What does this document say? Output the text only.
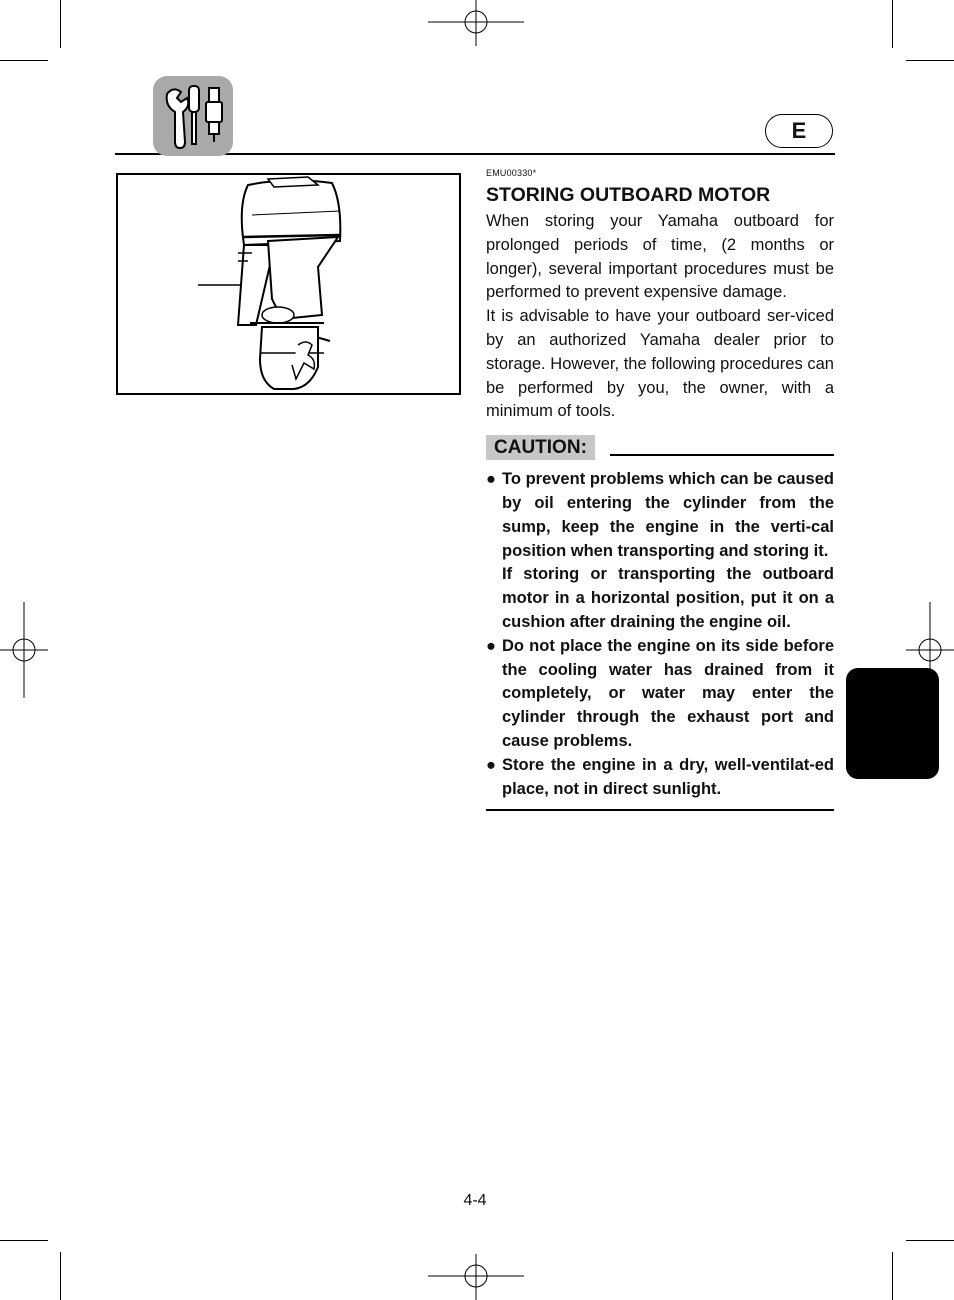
E

EMU00330*

STORING OUTBOARD MOTOR

When storing your Yamaha outboard for prolonged periods of time, (2 months or longer), several important procedures must be performed to prevent expensive damage.

It is advisable to have your outboard ser-viced by an authorized Yamaha dealer prior to storage. However, the following procedures can be performed by you, the owner, with a minimum of tools.

CAUTION:
● To prevent problems which can be caused by oil entering the cylinder from the sump, keep the engine in the verti-cal position when transporting and storing it.
If storing or transporting the outboard motor in a horizontal position, put it on a cushion after draining the engine oil.
● Do not place the engine on its side before the cooling water has drained from it completely, or water may enter the cylinder through the exhaust port and cause problems.
● Store the engine in a dry, well-ventilat-ed place, not in direct sunlight.
4-4
